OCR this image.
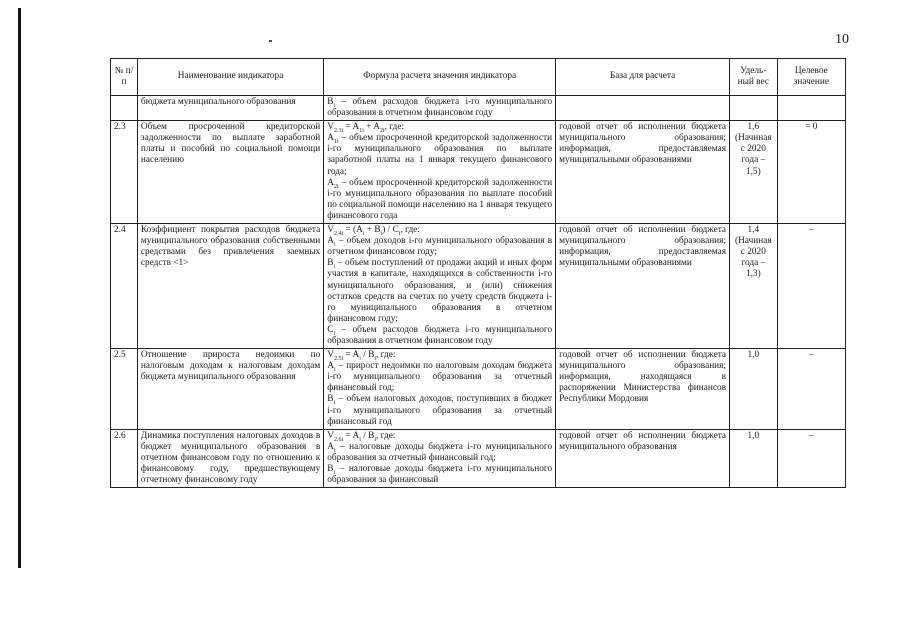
10
№ п/п	Наименование индикатора	Формула расчета значения индикатора	База для расчета	Удель-ный вес	Целевое значение
	бюджета муниципального образования	$B_i$ – объем расходов бюджета i-го муниципального образования в отчетном финансовом году			

2.3	Объем просроченной кредиторской задолженности по выплате заработной платы и пособий по социальной помощи населению	$V_{2.3i} = A_{1i} + A_{2i}$, где:
$A_{1i}$ – объем просроченной кредиторской задолженности i-го муниципального образования по выплате заработной платы на 1 января текущего финансового года;
$A_{2i}$ – объем просроченной кредиторской задолженности i-го муниципального образования по выплате пособий по социальной помощи населению на 1 января текущего финансового года	годовой отчет об исполнении бюджета муниципального образования; информация, предоставляемая муниципальными образованиями	1,6 (Начиная с 2020 года – 1,5)	= 0
2.4	Коэффициент покрытия расходов бюджета муниципального образования собственными средствами без привлечения заемных средств <1>	$V_{2.4i} = (A_i + B_i) / C_i$, где:
$A_i$ – объем доходов i-го муниципального образования в отчетном финансовом году;
$B_i$ – объем поступлений от продажи акций и иных форм участия в капитале, находящихся в собственности i-го муниципального образования, и (или) снижения остатков средств на счетах по учету средств бюджета i-го муниципального образования в отчетном финансовом году;
$C_i$ – объем расходов бюджета i-го муниципального образования в отчетном финансовом году	годовой отчет об исполнении бюджета муниципального образования; информация, предоставляемая муниципальными образованиями	1,4 (Начиная с 2020 года – 1,3)	–
2.5	Отношение прироста недоимки по налоговым доходам к налоговым доходам бюджета муниципального образования	$V_{2.5i} = A_i / B_i$, где:
$A_i$ – прирост недоимки по налоговым доходам бюджета i-го муниципального образования за отчетный финансовый год;
$B_i$ – объем налоговых доходов, поступивших в бюджет i-го муниципального образования за отчетный финансовый год	годовой отчет об исполнении бюджета муниципального образования; информация, находящаяся в распоряжении Министерства финансов Республики Мордовия	1,0	–
2.6	Динамика поступления налоговых доходов в бюджет муниципального образования в отчетном финансовом году по отношению к финансовому году, предшествующему отчетному финансовому году	$V_{2.6i} = A_i / B_i$, где:
$A_i$ – налоговые доходы бюджета i-го муниципального образования за отчетный финансовый год;
$B_i$ – налоговые доходы бюджета i-го муниципального образования за финансовый	годовой отчет об исполнении бюджета муниципального образования	1,0	–
